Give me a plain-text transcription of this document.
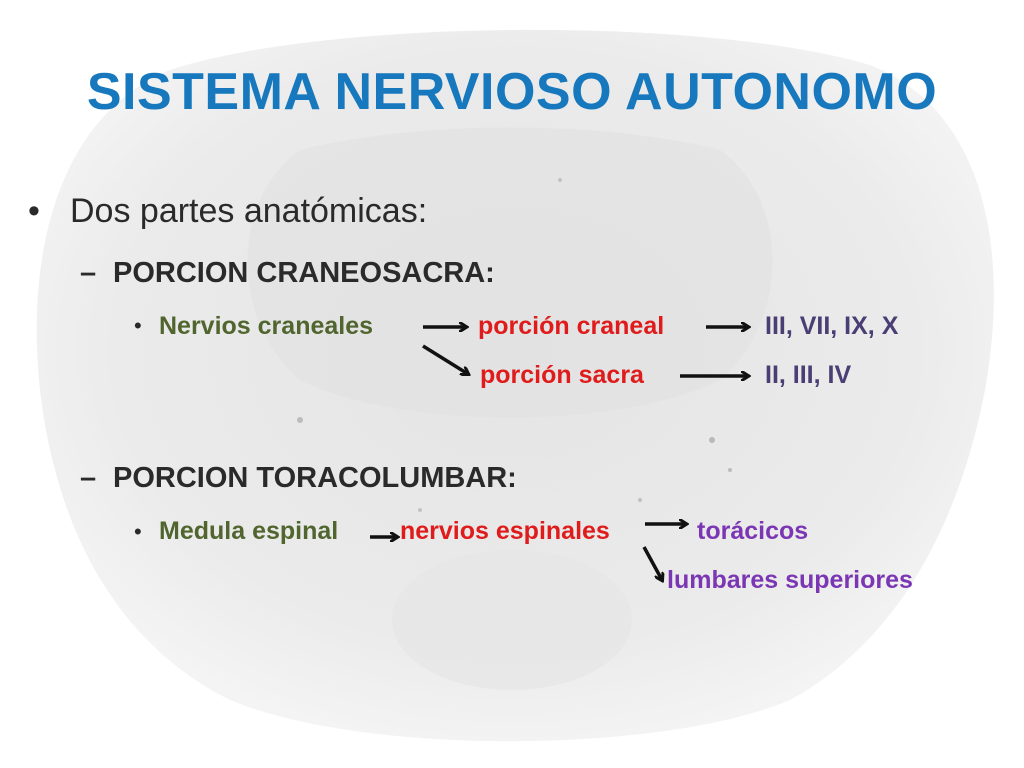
SISTEMA NERVIOSO AUTONOMO
• Dos partes anatómicas:
– PORCION CRANEOSACRA:
• Nervios craneales	porción craneal	III, VII, IX, X
porción sacra	II, III, IV
– PORCION TORACOLUMBAR:
• Medula espinal nervios espinales	torácicos
lumbares superiores
